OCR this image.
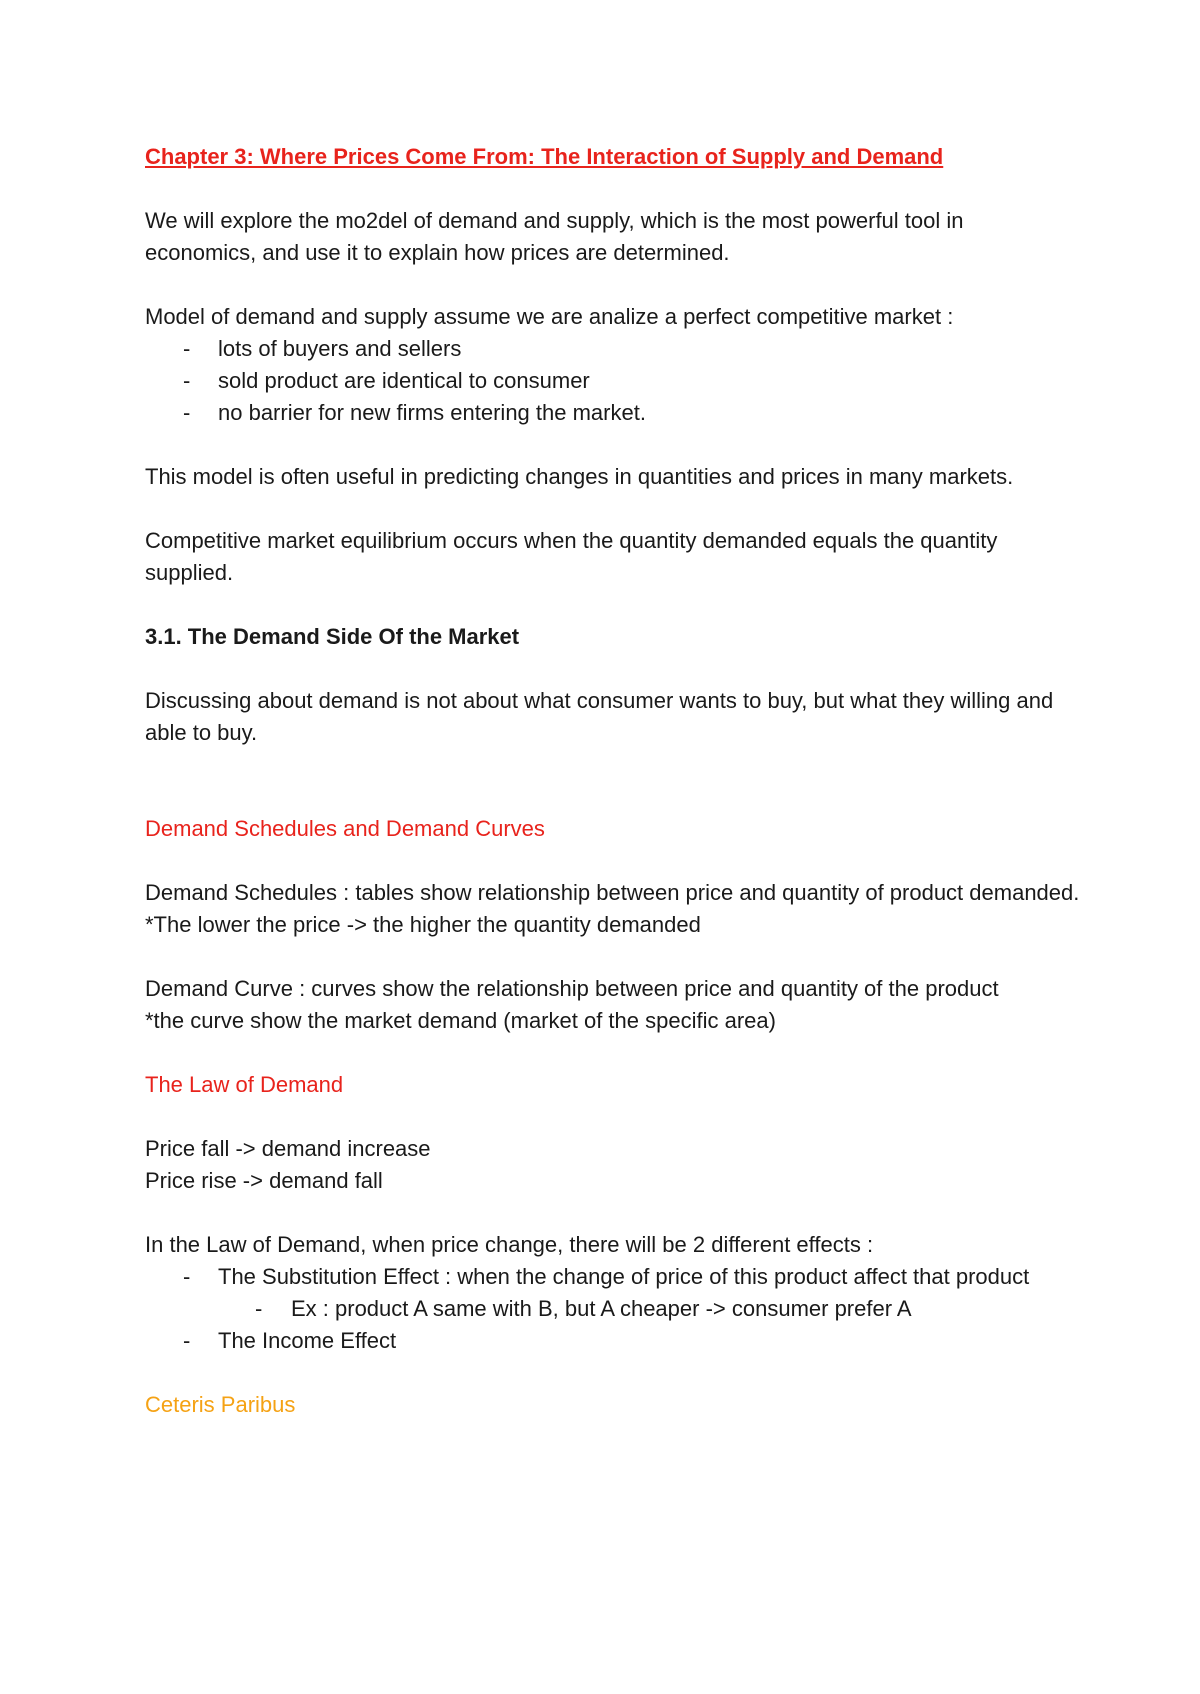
Chapter 3: Where Prices Come From: The Interaction of Supply and Demand

We will explore the mo2del of demand and supply, which is the most powerful tool in economics, and use it to explain how prices are determined.

Model of demand and supply assume we are analize a perfect competitive market :

- lots of buyers and sellers
- sold product are identical to consumer
- no barrier for new firms entering the market.

This model is often useful in predicting changes in quantities and prices in many markets.

Competitive market equilibrium occurs when the quantity demanded equals the quantity supplied.

3.1. The Demand Side Of the Market

Discussing about demand is not about what consumer wants to buy, but what they willing and able to buy.

Demand Schedules and Demand Curves

Demand Schedules : tables show relationship between price and quantity of product demanded.

*The lower the price -> the higher the quantity demanded

Demand Curve : curves show the relationship between price and quantity of the product

*the curve show the market demand (market of the specific area)

The Law of Demand

Price fall -> demand increase

Price rise -> demand fall

In the Law of Demand, when price change, there will be 2 different effects :

- The Substitution Effect : when the change of price of this product affect that product
- Ex : product A same with B, but A cheaper -> consumer prefer A
- The Income Effect

Ceteris Paribus
